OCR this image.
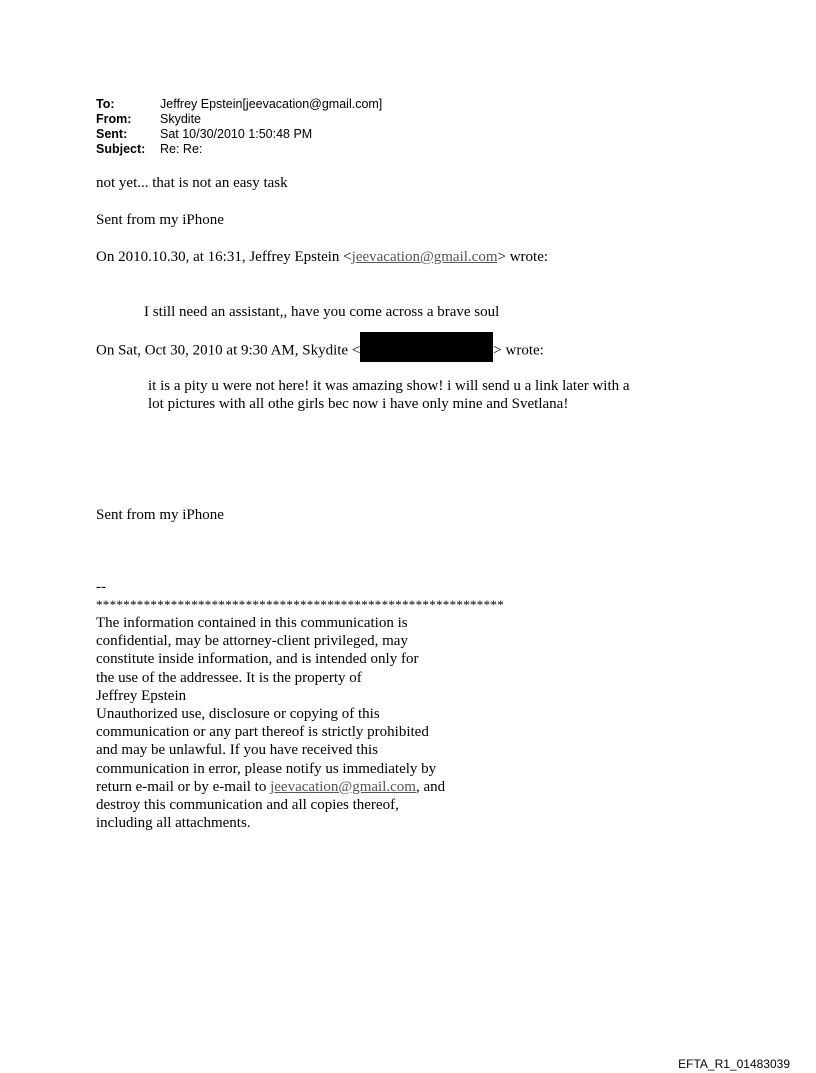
To:	Jeffrey Epstein[jeevacation@gmail.com]
From:	Skydite
Sent:	Sat 10/30/2010 1:50:48 PM
Subject:	Re: Re:
not yet... that is not an easy task
Sent from my iPhone
On 2010.10.30, at 16:31, Jeffrey Epstein <jeevacation@gmail.com> wrote:
I still need an assistant,, have you come across a brave soul
On Sat, Oct 30, 2010 at 9:30 AM, Skydite <	> wrote:
it is a pity u were not here! it was amazing show! i will send u a link later with a
lot pictures with all othe girls bec now i have only mine and Svetlana!
Sent from my iPhone
--
************************************************************
The information contained in this communication is
confidential, may be attorney-client privileged, may
constitute inside information, and is intended only for
the use of the addressee. It is the property of
Jeffrey Epstein
Unauthorized use, disclosure or copying of this
communication or any part thereof is strictly prohibited
and may be unlawful. If you have received this
communication in error, please notify us immediately by
return e-mail or by e-mail to jeevacation@gmail.com, and
destroy this communication and all copies thereof,
including all attachments.
EFTA_R1_01483039
